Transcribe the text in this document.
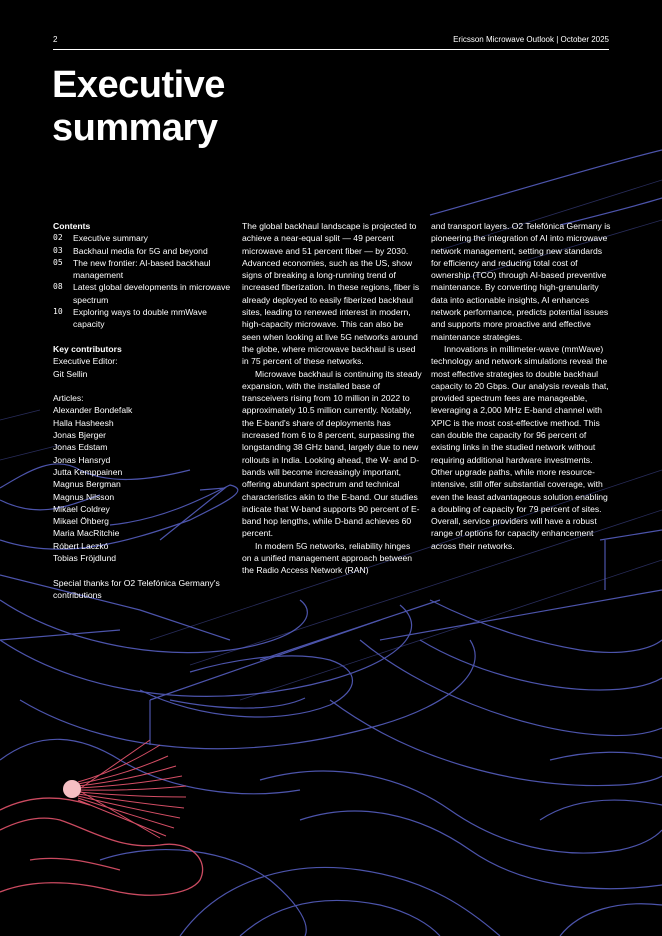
2	Ericsson Microwave Outlook | October 2025
Executive
summary
Contents
02	Executive summary
03	Backhaul media for 5G and beyond
05	The new frontier: AI-based backhaul management
08	Latest global developments in microwave spectrum
10	Exploring ways to double mmWave capacity
Key contributors
Executive Editor:
Git Sellin
Articles:
Alexander Bondefalk
Halla Hasheesh
Jonas Bjerger
Jonas Edstam
Jonas Hansryd
Jutta Kemppainen
Magnus Bergman
Magnus Nilsson
Mikael Coldrey
Mikael Öhberg
Maria MacRitchie
Róbert Laczkó
Tobias Fröjdlund
Special thanks for O2 Telefónica Germany's contributions

The global backhaul landscape is projected to achieve a near-equal split — 49 percent microwave and 51 percent fiber — by 2030. Advanced economies, such as the US, show signs of breaking a long-running trend of increased fiberization. In these regions, fiber is already deployed to easily fiberized backhaul sites, leading to renewed interest in modern, high-capacity microwave. This can also be seen when looking at live 5G networks around the globe, where microwave backhaul is used in 75 percent of these networks.

Microwave backhaul is continuing its steady expansion, with the installed base of transceivers rising from 10 million in 2022 to approximately 10.5 million currently. Notably, the E-band's share of deployments has increased from 6 to 8 percent, surpassing the longstanding 38 GHz band, largely due to new rollouts in India. Looking ahead, the W- and D-bands will become increasingly important, offering abundant spectrum and technical characteristics akin to the E-band. Our studies indicate that W-band supports 90 percent of E-band hop lengths, while D-band achieves 60 percent.

In modern 5G networks, reliability hinges on a unified management approach between the Radio Access Network (RAN)

and transport layers. O2 Telefónica Germany is pioneering the integration of AI into microwave network management, setting new standards for efficiency and reducing total cost of ownership (TCO) through AI-based preventive maintenance. By converting high-granularity data into actionable insights, AI enhances network performance, predicts potential issues and supports more proactive and effective maintenance strategies.

Innovations in millimeter-wave (mmWave) technology and network simulations reveal the most effective strategies to double backhaul capacity to 20 Gbps. Our analysis reveals that, provided spectrum fees are manageable, leveraging a 2,000 MHz E-band channel with XPIC is the most cost-effective method. This can double the capacity for 96 percent of existing links in the studied network without requiring additional hardware investments. Other upgrade paths, while more resource-intensive, still offer substantial coverage, with even the least advantageous solution enabling a doubling of capacity for 79 percent of sites. Overall, service providers will have a robust range of options for capacity enhancement across their networks.
